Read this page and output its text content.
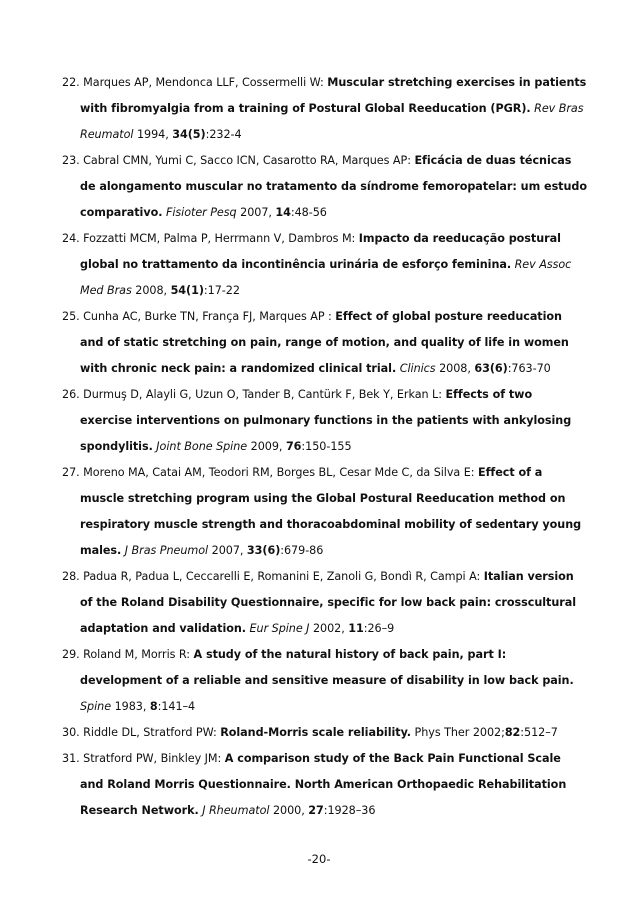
22. Marques AP, Mendonca LLF, Cossermelli W: Muscular stretching exercises in patients with fibromyalgia from a training of Postural Global Reeducation (PGR). Rev Bras Reumatol 1994, 34(5):232-4

23. Cabral CMN, Yumi C, Sacco ICN, Casarotto RA, Marques AP: Eficácia de duas técnicas de alongamento muscular no tratamento da síndrome femoropatelar: um estudo comparativo. Fisioter Pesq 2007, 14:48-56

24. Fozzatti MCM, Palma P, Herrmann V, Dambros M: Impacto da reeducação postural global no trattamento da incontinência urinária de esforço feminina. Rev Assoc Med Bras 2008, 54(1):17-22

25. Cunha AC, Burke TN, França FJ, Marques AP : Effect of global posture reeducation and of static stretching on pain, range of motion, and quality of life in women with chronic neck pain: a randomized clinical trial. Clinics 2008, 63(6):763-70

26. Durmuş D, Alayli G, Uzun O, Tander B, Cantürk F, Bek Y, Erkan L: Effects of two exercise interventions on pulmonary functions in the patients with ankylosing spondylitis. Joint Bone Spine 2009, 76:150-155

27. Moreno MA, Catai AM, Teodori RM, Borges BL, Cesar Mde C, da Silva E: Effect of a muscle stretching program using the Global Postural Reeducation method on respiratory muscle strength and thoracoabdominal mobility of sedentary young males. J Bras Pneumol 2007, 33(6):679-86

28. Padua R, Padua L, Ceccarelli E, Romanini E, Zanoli G, Bondì R, Campi A: Italian version of the Roland Disability Questionnaire, specific for low back pain: crosscultural adaptation and validation. Eur Spine J 2002, 11:26–9

29. Roland M, Morris R: A study of the natural history of back pain, part I: development of a reliable and sensitive measure of disability in low back pain. Spine 1983, 8:141–4

30. Riddle DL, Stratford PW: Roland-Morris scale reliability. Phys Ther 2002;82:512–7

31. Stratford PW, Binkley JM: A comparison study of the Back Pain Functional Scale and Roland Morris Questionnaire. North American Orthopaedic Rehabilitation Research Network. J Rheumatol 2000, 27:1928–36

-20-
